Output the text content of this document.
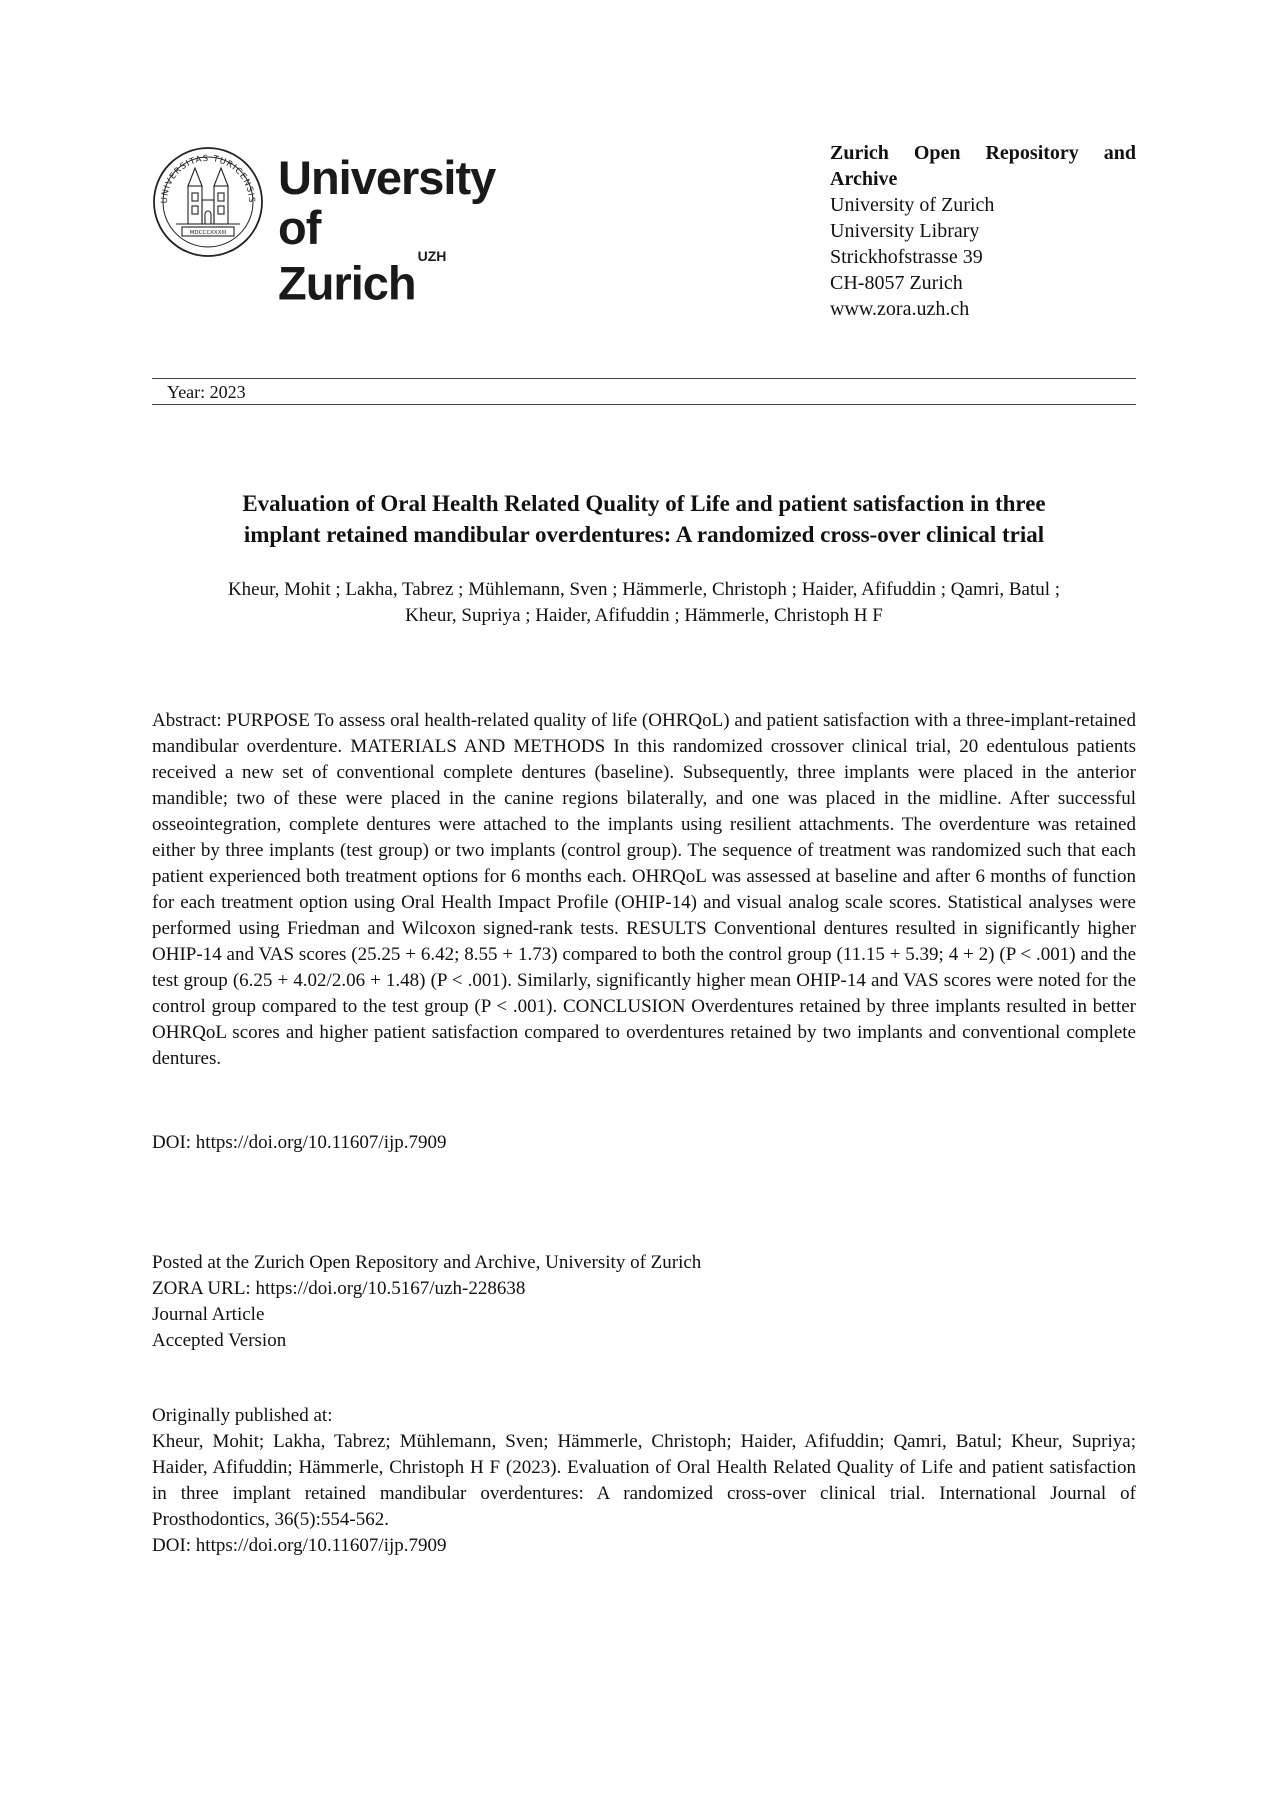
UNIVERSITAS TURICENSIS
MDCCCXXXIII
University of
Zurich$^{UZH}$
Zurich Open Repository and Archive
University of Zurich
University Library
Strickhofstrasse 39
CH-8057 Zurich
www.zora.uzh.ch
Year: 2023
Evaluation of Oral Health Related Quality of Life and patient satisfaction in three
implant retained mandibular overdentures: A randomized cross-over clinical trial
Kheur, Mohit ; Lakha, Tabrez ; Mühlemann, Sven ; Hämmerle, Christoph ; Haider, Afifuddin ; Qamri, Batul ;
Kheur, Supriya ; Haider, Afifuddin ; Hämmerle, Christoph H F
Abstract: PURPOSE To assess oral health-related quality of life (OHRQoL) and patient satisfaction with a three-implant-retained mandibular overdenture. MATERIALS AND METHODS In this randomized crossover clinical trial, 20 edentulous patients received a new set of conventional complete dentures (baseline). Subsequently, three implants were placed in the anterior mandible; two of these were placed in the canine regions bilaterally, and one was placed in the midline. After successful osseointegration, complete dentures were attached to the implants using resilient attachments. The overdenture was retained either by three implants (test group) or two implants (control group). The sequence of treatment was randomized such that each patient experienced both treatment options for 6 months each. OHRQoL was assessed at baseline and after 6 months of function for each treatment option using Oral Health Impact Profile (OHIP-14) and visual analog scale scores. Statistical analyses were performed using Friedman and Wilcoxon signed-rank tests. RESULTS Conventional dentures resulted in significantly higher OHIP-14 and VAS scores (25.25 + 6.42; 8.55 + 1.73) compared to both the control group (11.15 + 5.39; 4 + 2) (P < .001) and the test group (6.25 + 4.02/2.06 + 1.48) (P < .001). Similarly, significantly higher mean OHIP-14 and VAS scores were noted for the control group compared to the test group (P < .001). CONCLUSION Overdentures retained by three implants resulted in better OHRQoL scores and higher patient satisfaction compared to overdentures retained by two implants and conventional complete dentures.
DOI: https://doi.org/10.11607/ijp.7909
Posted at the Zurich Open Repository and Archive, University of Zurich
ZORA URL: https://doi.org/10.5167/uzh-228638
Journal Article
Accepted Version
Originally published at:
Kheur, Mohit; Lakha, Tabrez; Mühlemann, Sven; Hämmerle, Christoph; Haider, Afifuddin; Qamri, Batul; Kheur, Supriya; Haider, Afifuddin; Hämmerle, Christoph H F (2023). Evaluation of Oral Health Related Quality of Life and patient satisfaction in three implant retained mandibular overdentures: A randomized cross-over clinical trial. International Journal of Prosthodontics, 36(5):554-562.
DOI: https://doi.org/10.11607/ijp.7909
